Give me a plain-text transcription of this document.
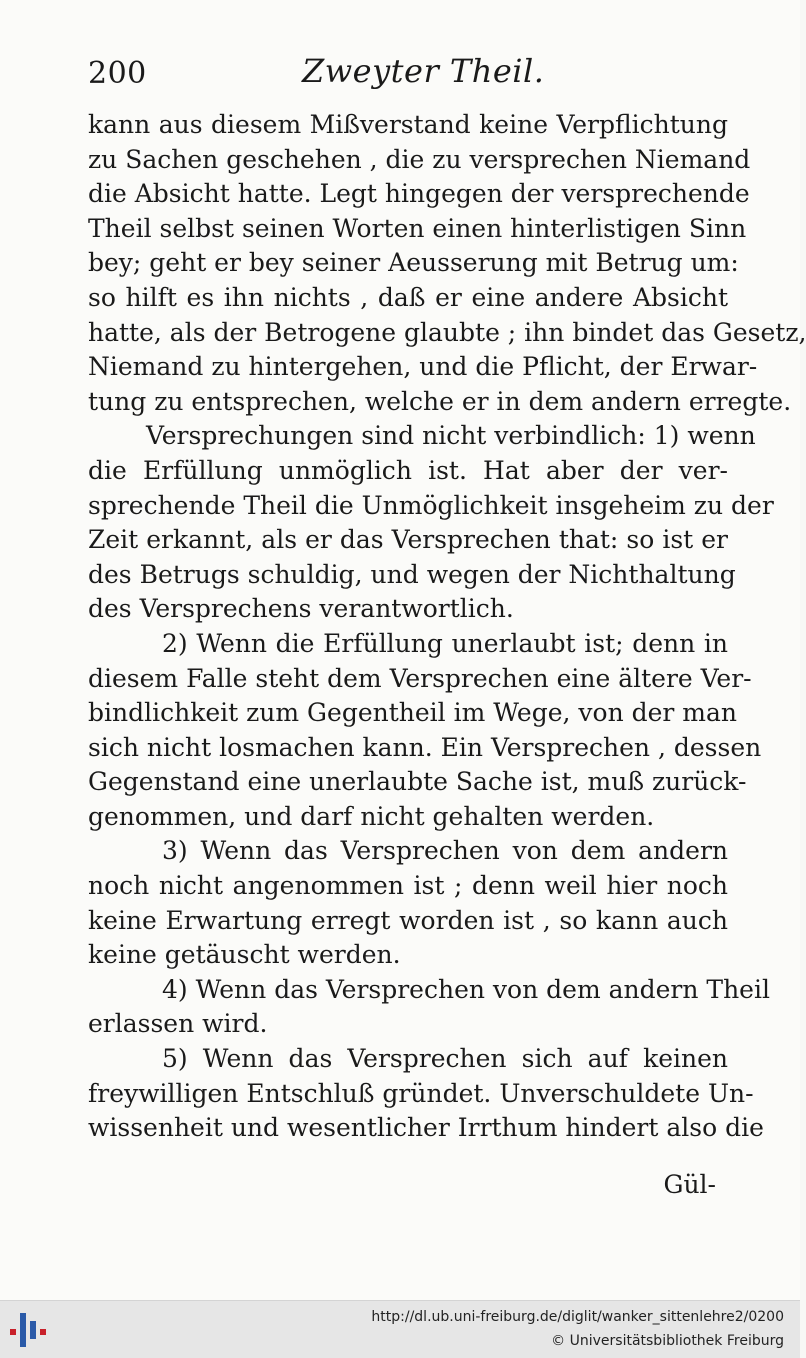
200	Zweyter Theil.
kann aus diesem Mißverstand keine Verpflichtung
zu Sachen geschehen , die zu versprechen Niemand
die Absicht hatte. Legt hingegen der versprechende
Theil selbst seinen Worten einen hinterlistigen Sinn
bey; geht er bey seiner Aeusserung mit Betrug um:
so hilft es ihn nichts , daß er eine andere Absicht
hatte, als der Betrogene glaubte ; ihn bindet das Gesetz,
Niemand zu hintergehen, und die Pflicht, der Erwar-
tung zu entsprechen, welche er in dem andern erregte.
Versprechungen sind nicht verbindlich: 1) wenn
die Erfüllung unmöglich ist. Hat aber der ver-
sprechende Theil die Unmöglichkeit insgeheim zu der
Zeit erkannt, als er das Versprechen that: so ist er
des Betrugs schuldig, und wegen der Nichthaltung
des Versprechens verantwortlich.
2) Wenn die Erfüllung unerlaubt ist; denn in
diesem Falle steht dem Versprechen eine ältere Ver-
bindlichkeit zum Gegentheil im Wege, von der man
sich nicht losmachen kann. Ein Versprechen , dessen
Gegenstand eine unerlaubte Sache ist, muß zurück-
genommen, und darf nicht gehalten werden.
3) Wenn das Versprechen von dem andern
noch nicht angenommen ist ; denn weil hier noch
keine Erwartung erregt worden ist , so kann auch
keine getäuscht werden.
4) Wenn das Versprechen von dem andern Theil
erlassen wird.
5) Wenn das Versprechen sich auf keinen
freywilligen Entschluß gründet. Unverschuldete Un-
wissenheit und wesentlicher Irrthum hindert also die
Gül-
http://dl.ub.uni-freiburg.de/diglit/wanker_sittenlehre2/0200
© Universitätsbibliothek Freiburg
